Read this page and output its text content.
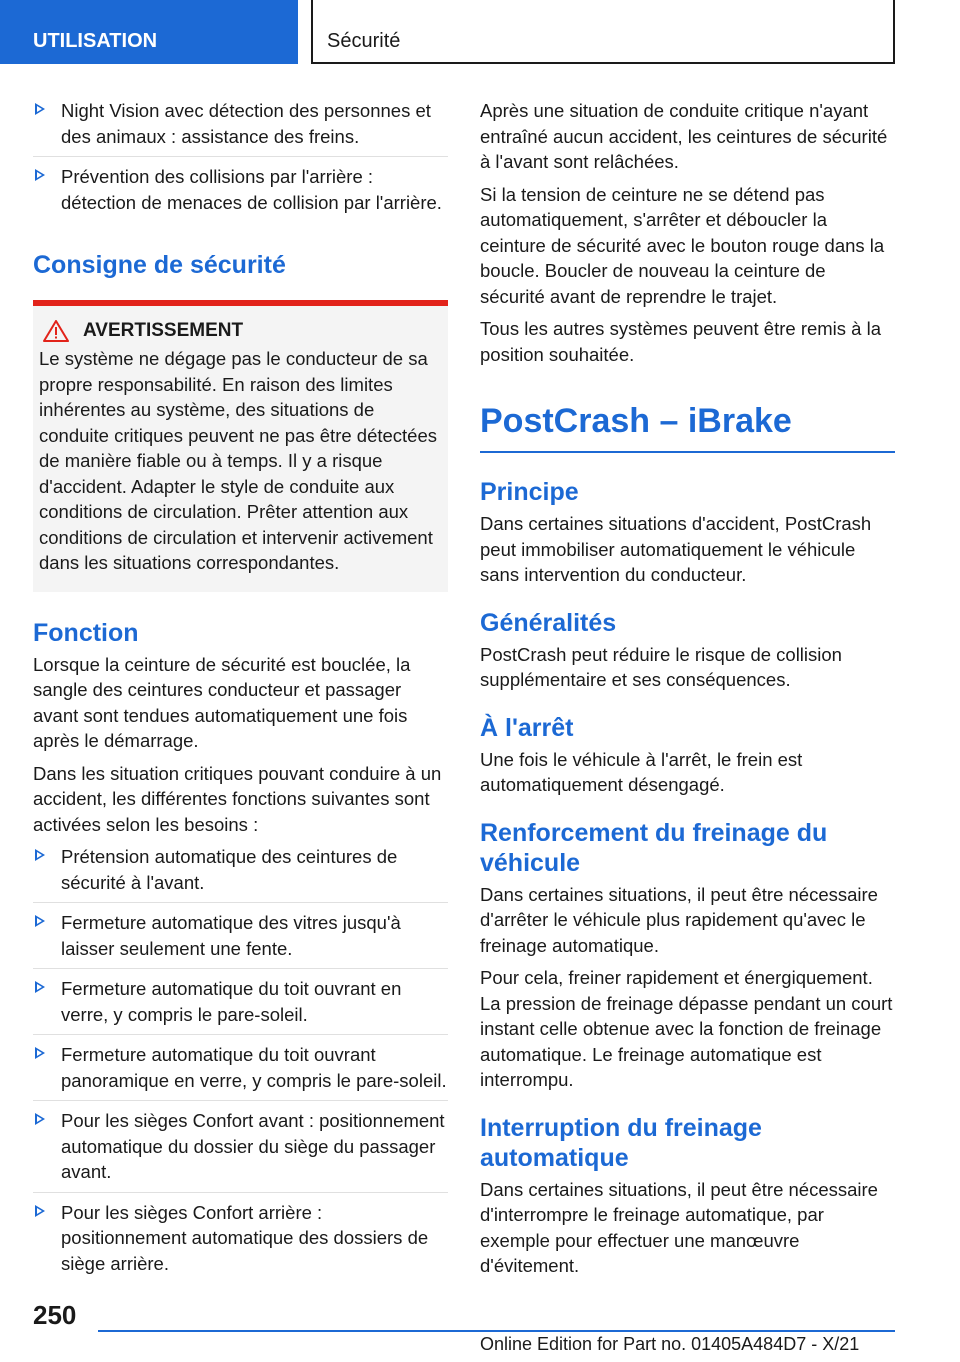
UTILISATION	Sécurité
Night Vision avec détection des personnes et des animaux : assistance des freins.
Prévention des collisions par l'arrière : détection de menaces de collision par l'arrière.
Consigne de sécurité
AVERTISSEMENT

Le système ne dégage pas le conducteur de sa propre responsabilité. En raison des limites inhérentes au système, des situations de conduite critiques peuvent ne pas être détectées de manière fiable ou à temps. Il y a risque d'accident. Adapter le style de conduite aux conditions de circulation. Prêter attention aux conditions de circulation et intervenir activement dans les situations correspondantes.

Fonction

Lorsque la ceinture de sécurité est bouclée, la sangle des ceintures conducteur et passager avant sont tendues automatiquement une fois après le démarrage.

Dans les situation critiques pouvant conduire à un accident, les différentes fonctions suivantes sont activées selon les besoins :

Prétension automatique des ceintures de sécurité à l'avant.
Fermeture automatique des vitres jusqu'à laisser seulement une fente.
Fermeture automatique du toit ouvrant en verre, y compris le pare-soleil.
Fermeture automatique du toit ouvrant panoramique en verre, y compris le pare-soleil.
Pour les sièges Confort avant : positionnement automatique du dossier du siège du passager avant.
Pour les sièges Confort arrière : positionnement automatique des dossiers de siège arrière.

Après une situation de conduite critique n'ayant entraîné aucun accident, les ceintures de sécurité à l'avant sont relâchées.

Si la tension de ceinture ne se détend pas automatiquement, s'arrêter et déboucler la ceinture de sécurité avec le bouton rouge dans la boucle. Boucler de nouveau la ceinture de sécurité avant de reprendre le trajet.

Tous les autres systèmes peuvent être remis à la position souhaitée.

PostCrash – iBrake
Principe

Dans certaines situations d'accident, PostCrash peut immobiliser automatiquement le véhicule sans intervention du conducteur.

Généralités

PostCrash peut réduire le risque de collision supplémentaire et ses conséquences.

À l'arrêt

Une fois le véhicule à l'arrêt, le frein est automatiquement désengagé.

Renforcement du freinage du véhicule

Dans certaines situations, il peut être nécessaire d'arrêter le véhicule plus rapidement qu'avec le freinage automatique.

Pour cela, freiner rapidement et énergiquement. La pression de freinage dépasse pendant un court instant celle obtenue avec la fonction de freinage automatique. Le freinage automatique est interrompu.

Interruption du freinage automatique

Dans certaines situations, il peut être nécessaire d'interrompre le freinage automatique, par exemple pour effectuer une manœuvre d'évitement.

250
Online Edition for Part no. 01405A484D7 - X/21
